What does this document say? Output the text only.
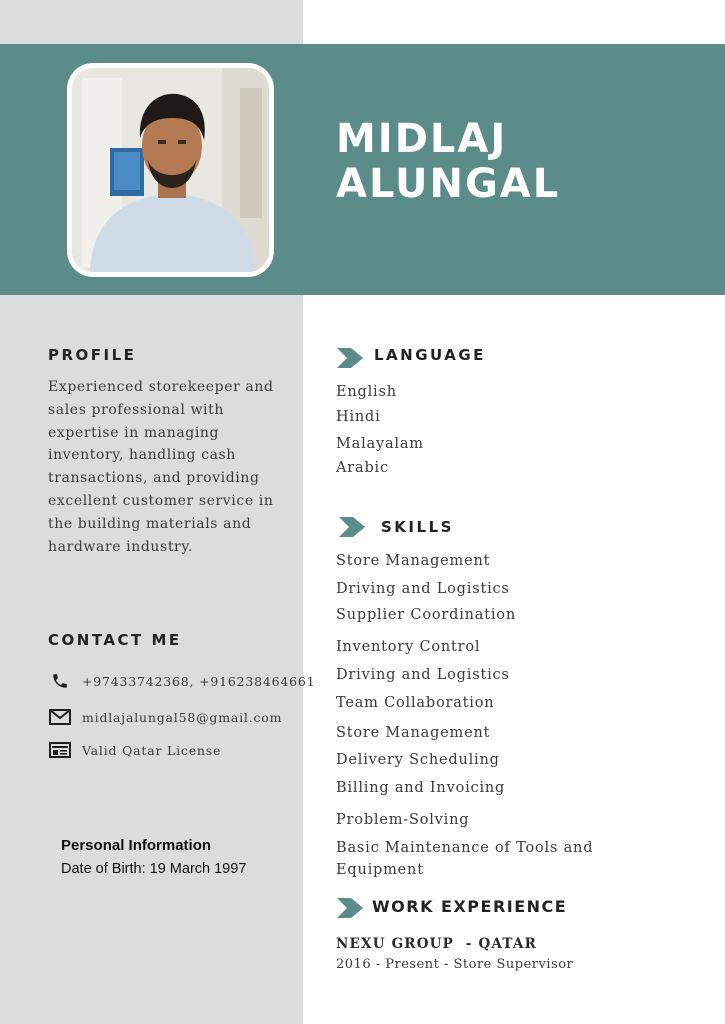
MIDLAJ
ALUNGAL
PROFILE

Experienced storekeeper and sales professional with expertise in managing inventory, handling cash transactions, and providing excellent customer service in the building materials and hardware industry.

CONTACT ME
+97433742368, +916238464661
midlajalungal58@gmail.com
Valid Qatar License
Personal Information
Date of Birth: 19 March 1997
LANGUAGE
English
Hindi
Malayalam
Arabic
SKILLS
Store Management
Driving and Logistics
Supplier Coordination
Inventory Control
Driving and Logistics
Team Collaboration
Store Management
Delivery Scheduling
Billing and Invoicing
Problem-Solving
Basic Maintenance of Tools and
Equipment
WORK EXPERIENCE
NEXU GROUP  - QATAR
2016 - Present - Store Supervisor
